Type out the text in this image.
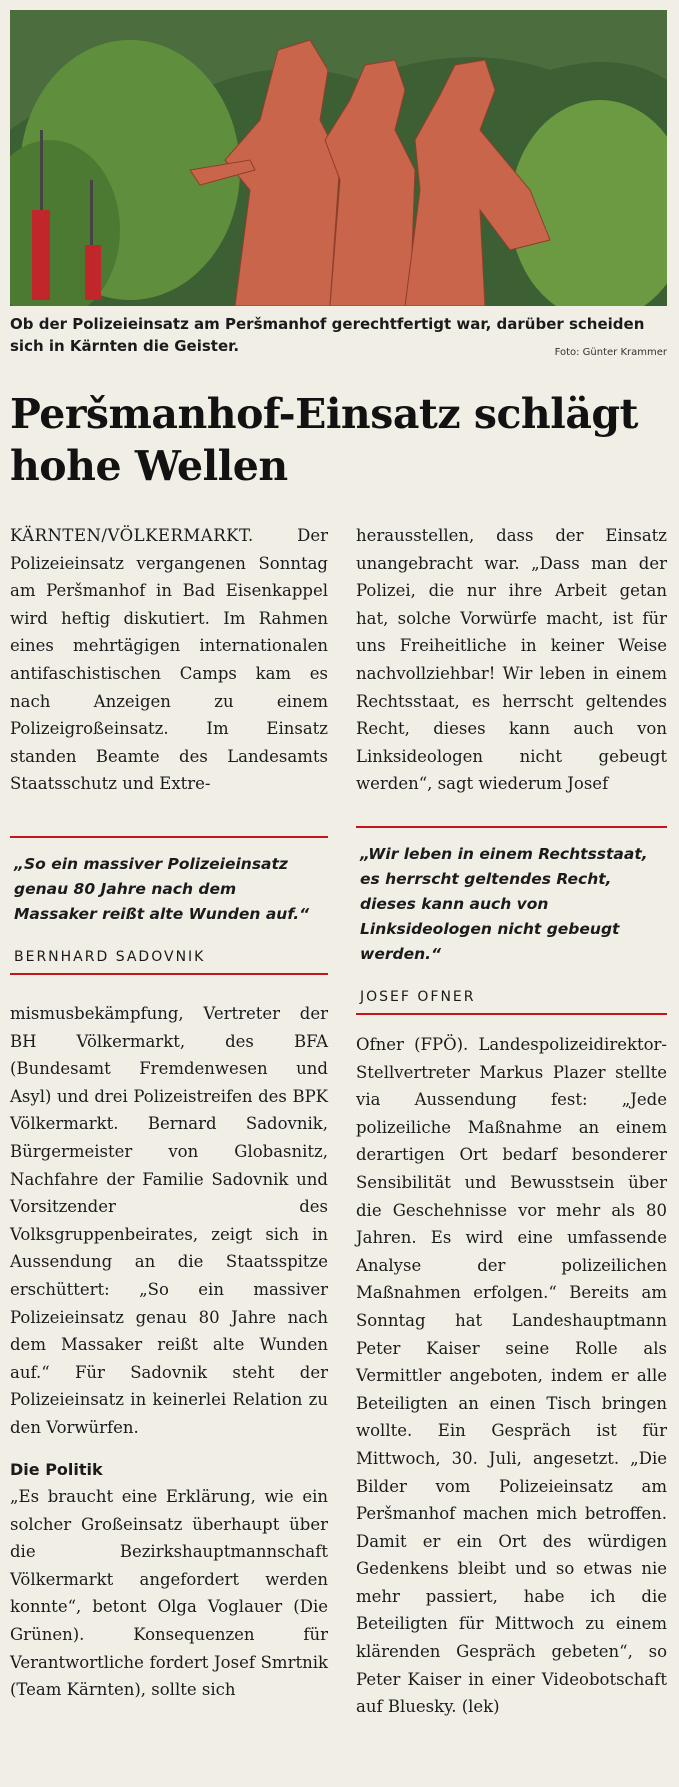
Ob der Polizeieinsatz am Peršmanhof gerechtfertigt war, darüber scheiden sich in Kärnten die Geister.	Foto: Günter Krammer
Peršmanhof-Einsatz schlägt hohe Wellen

KÄRNTEN/VÖLKERMARKT.	Der Polizeieinsatz vergangenen Sonntag am Peršmanhof in Bad Eisenkappel wird heftig diskutiert. Im Rahmen eines mehrtägigen internationalen antifaschistischen Camps kam es nach Anzeigen zu einem Polizeigroßeinsatz. Im Einsatz standen Beamte des Landesamts Staatsschutz und Extre-

„So ein massiver Polizeieinsatz genau 80 Jahre nach dem Massaker reißt alte Wunden auf.“
BERNHARD SADOVNIK

mismusbekämpfung, Vertreter der BH Völkermarkt, des BFA (Bundesamt Fremdenwesen und Asyl) und drei Polizeistreifen des BPK Völkermarkt. Bernard Sadovnik, Bürgermeister von Globasnitz, Nachfahre der Familie Sadovnik und Vorsitzender des Volksgruppenbeirates, zeigt sich in Aussendung an die Staatsspitze erschüttert: „So ein massiver Polizeieinsatz genau 80 Jahre nach dem Massaker reißt alte Wunden auf.“ Für Sadovnik steht der Polizeieinsatz in keinerlei Relation zu den Vorwürfen.

Die Politik

„Es braucht eine Erklärung, wie ein solcher Großeinsatz überhaupt über die Bezirkshauptmannschaft Völkermarkt angefordert werden konnte“, betont Olga Voglauer (Die Grünen). Konsequenzen für Verantwortliche fordert Josef Smrtnik (Team Kärnten), sollte sich

herausstellen, dass der Einsatz unangebracht war. „Dass man der Polizei, die nur ihre Arbeit getan hat, solche Vorwürfe macht, ist für uns Freiheitliche in keiner Weise nachvollziehbar! Wir leben in einem Rechtsstaat, es herrscht geltendes Recht, dieses kann auch von Linksideologen nicht gebeugt werden“, sagt wiederum Josef

„Wir leben in einem Rechtsstaat, es herrscht geltendes Recht, dieses kann auch von Linksideologen nicht gebeugt werden.“
JOSEF OFNER

Ofner (FPÖ). Landespolizeidirektor-Stellvertreter Markus Plazer stellte via Aussendung fest: „Jede polizeiliche Maßnahme an einem derartigen Ort bedarf besonderer Sensibilität und Bewusstsein über die Geschehnisse vor mehr als 80 Jahren. Es wird eine umfassende Analyse der polizeilichen Maßnahmen erfolgen.“ Bereits am Sonntag hat Landeshauptmann Peter Kaiser seine Rolle als Vermittler angeboten, indem er alle Beteiligten an einen Tisch bringen wollte. Ein Gespräch ist für Mittwoch, 30. Juli, angesetzt. „Die Bilder vom Polizeieinsatz am Peršmanhof machen mich betroffen. Damit er ein Ort des würdigen Gedenkens bleibt und so etwas nie mehr passiert, habe ich die Beteiligten für Mittwoch zu einem klärenden Gespräch gebeten“, so Peter Kaiser in einer Videobotschaft auf Bluesky. (lek)
